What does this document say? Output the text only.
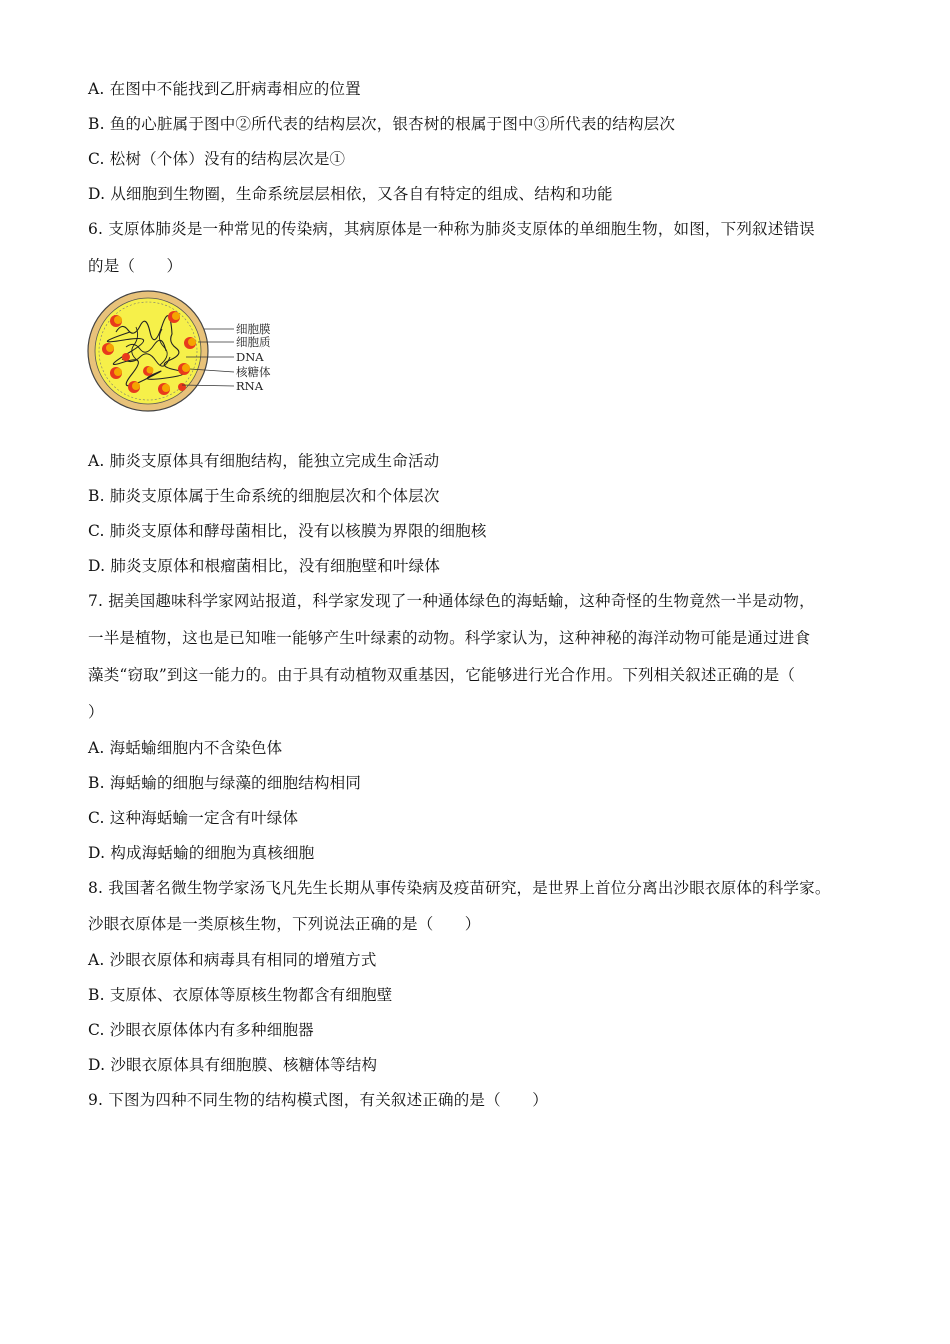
A. 在图中不能找到乙肝病毒相应的位置
B. 鱼的心脏属于图中②所代表的结构层次，银杏树的根属于图中③所代表的结构层次
C. 松树（个体）没有的结构层次是①
D. 从细胞到生物圈，生命系统层层相依，又各自有特定的组成、结构和功能
6. 支原体肺炎是一种常见的传染病，其病原体是一种称为肺炎支原体的单细胞生物，如图，下列叙述错误
的是（　　）
细胞膜
细胞质
DNA
核糖体
RNA
A. 肺炎支原体具有细胞结构，能独立完成生命活动
B. 肺炎支原体属于生命系统的细胞层次和个体层次
C. 肺炎支原体和酵母菌相比，没有以核膜为界限的细胞核
D. 肺炎支原体和根瘤菌相比，没有细胞壁和叶绿体
7. 据美国趣味科学家网站报道，科学家发现了一种通体绿色的海蛞蝓，这种奇怪的生物竟然一半是动物，
一半是植物，这也是已知唯一能够产生叶绿素的动物。科学家认为，这种神秘的海洋动物可能是通过进食
藻类“窃取”到这一能力的。由于具有动植物双重基因，它能够进行光合作用。下列相关叙述正确的是（
）
A. 海蛞蝓细胞内不含染色体
B. 海蛞蝓的细胞与绿藻的细胞结构相同
C. 这种海蛞蝓一定含有叶绿体
D. 构成海蛞蝓的细胞为真核细胞
8. 我国著名微生物学家汤飞凡先生长期从事传染病及疫苗研究，是世界上首位分离出沙眼衣原体的科学家。
沙眼衣原体是一类原核生物，下列说法正确的是（　　）
A. 沙眼衣原体和病毒具有相同的增殖方式
B. 支原体、衣原体等原核生物都含有细胞壁
C. 沙眼衣原体体内有多种细胞器
D. 沙眼衣原体具有细胞膜、核糖体等结构
9. 下图为四种不同生物的结构模式图，有关叙述正确的是（　　）
